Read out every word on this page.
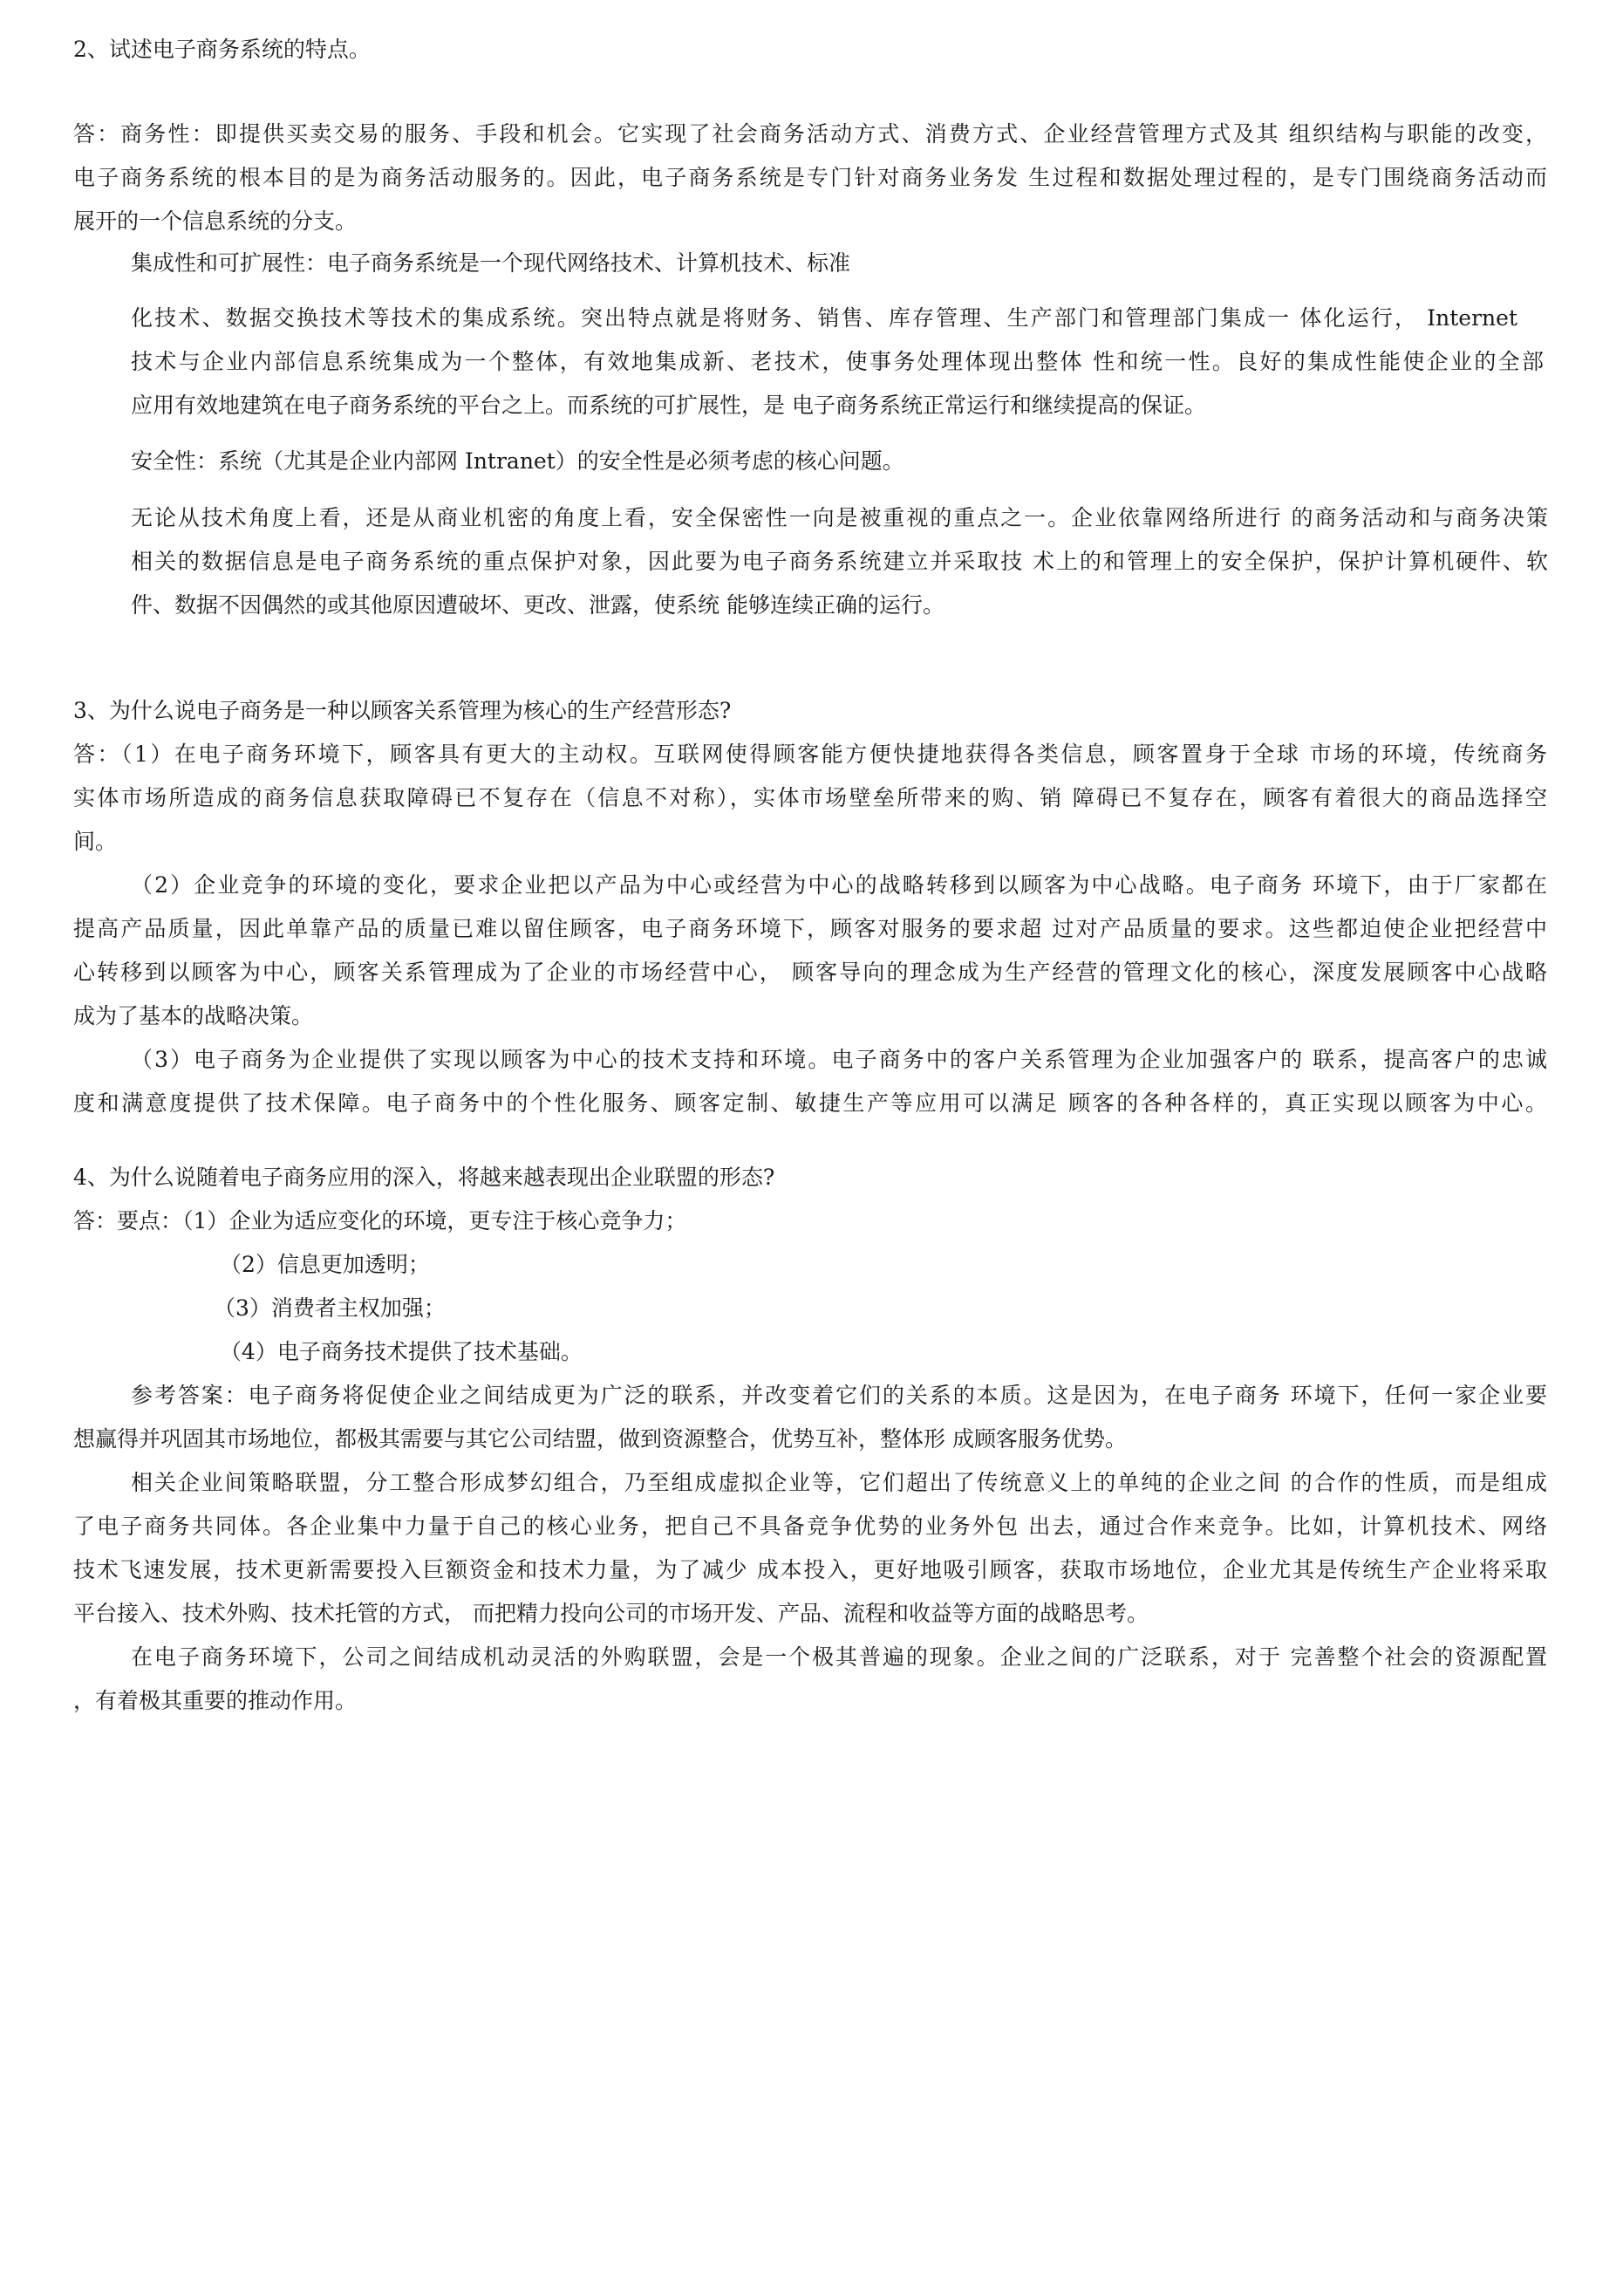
2、试述电子商务系统的特点。

答：商务性：即提供买卖交易的服务、手段和机会。它实现了社会商务活动方式、消费方式、企业经营管理方式及其 组织结构与职能的改变，

电子商务系统的根本目的是为商务活动服务的。因此，电子商务系统是专门针对商务业务发 生过程和数据处理过程的，是专门围绕商务活动而

展开的一个信息系统的分支。

集成性和可扩展性：电子商务系统是一个现代网络技术、计算机技术、标准

化技术、数据交换技术等技术的集成系统。突出特点就是将财务、销售、库存管理、生产部门和管理部门集成一 体化运行， Internet

技术与企业内部信息系统集成为一个整体，有效地集成新、老技术，使事务处理体现出整体 性和统一性。良好的集成性能使企业的全部

应用有效地建筑在电子商务系统的平台之上。而系统的可扩展性，是 电子商务系统正常运行和继续提高的保证。

安全性：系统（尤其是企业内部网 Intranet）的安全性是必须考虑的核心问题。

无论从技术角度上看，还是从商业机密的角度上看，安全保密性一向是被重视的重点之一。企业依靠网络所进行 的商务活动和与商务决策

相关的数据信息是电子商务系统的重点保护对象，因此要为电子商务系统建立并采取技 术上的和管理上的安全保护，保护计算机硬件、软

件、数据不因偶然的或其他原因遭破坏、更改、泄露，使系统 能够连续正确的运行。

3、为什么说电子商务是一种以顾客关系管理为核心的生产经营形态?

答：（1）在电子商务环境下，顾客具有更大的主动权。互联网使得顾客能方便快捷地获得各类信息，顾客置身于全球 市场的环境，传统商务

实体市场所造成的商务信息获取障碍已不复存在（信息不对称），实体市场壁垒所带来的购、销 障碍已不复存在，顾客有着很大的商品选择空

间。

（2）企业竞争的环境的变化，要求企业把以产品为中心或经营为中心的战略转移到以顾客为中心战略。电子商务 环境下，由于厂家都在

提高产品质量，因此单靠产品的质量已难以留住顾客，电子商务环境下，顾客对服务的要求超 过对产品质量的要求。这些都迫使企业把经营中

心转移到以顾客为中心，顾客关系管理成为了企业的市场经营中心， 顾客导向的理念成为生产经营的管理文化的核心，深度发展顾客中心战略

成为了基本的战略决策。

（3）电子商务为企业提供了实现以顾客为中心的技术支持和环境。电子商务中的客户关系管理为企业加强客户的 联系，提高客户的忠诚

度和满意度提供了技术保障。电子商务中的个性化服务、顾客定制、敏捷生产等应用可以满足 顾客的各种各样的，真正实现以顾客为中心。

4、为什么说随着电子商务应用的深入，将越来越表现出企业联盟的形态?

答：要点：（1）企业为适应变化的环境，更专注于核心竞争力；

（2）信息更加透明；

（3）消费者主权加强；

（4）电子商务技术提供了技术基础。

参考答案：电子商务将促使企业之间结成更为广泛的联系，并改变着它们的关系的本质。这是因为，在电子商务 环境下，任何一家企业要

想赢得并巩固其市场地位，都极其需要与其它公司结盟，做到资源整合，优势互补，整体形 成顾客服务优势。

相关企业间策略联盟，分工整合形成梦幻组合，乃至组成虚拟企业等，它们超出了传统意义上的单纯的企业之间 的合作的性质，而是组成

了电子商务共同体。各企业集中力量于自己的核心业务，把自己不具备竞争优势的业务外包 出去，通过合作来竞争。比如，计算机技术、网络

技术飞速发展，技术更新需要投入巨额资金和技术力量，为了减少 成本投入，更好地吸引顾客，获取市场地位，企业尤其是传统生产企业将采取

平台接入、技术外购、技术托管的方式， 而把精力投向公司的市场开发、产品、流程和收益等方面的战略思考。

在电子商务环境下，公司之间结成机动灵活的外购联盟，会是一个极其普遍的现象。企业之间的广泛联系，对于 完善整个社会的资源配置

，有着极其重要的推动作用。
